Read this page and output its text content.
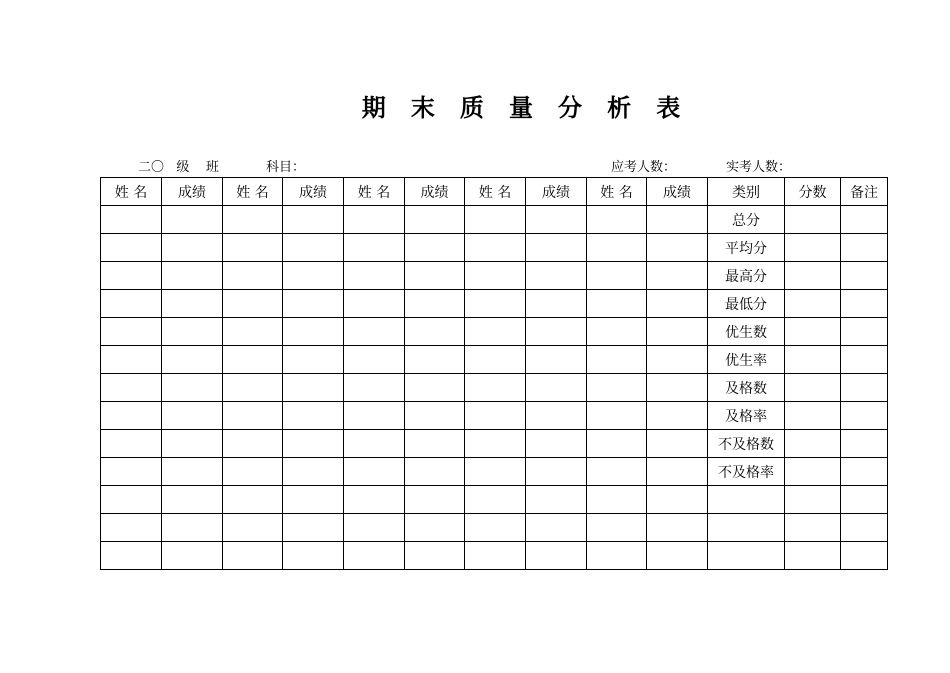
期   末   质   量   分   析   表
二〇   级    班	科目：	应考人数：	实考人数：
姓 名	成绩	姓 名	成绩	姓 名	成绩	姓 名	成绩	姓 名	成绩	类别	分数	备注
										总分		
										平均分		
										最高分		
										最低分		
										优生数		
										优生率		
										及格数		
										及格率		
										不及格数		
										不及格率		
